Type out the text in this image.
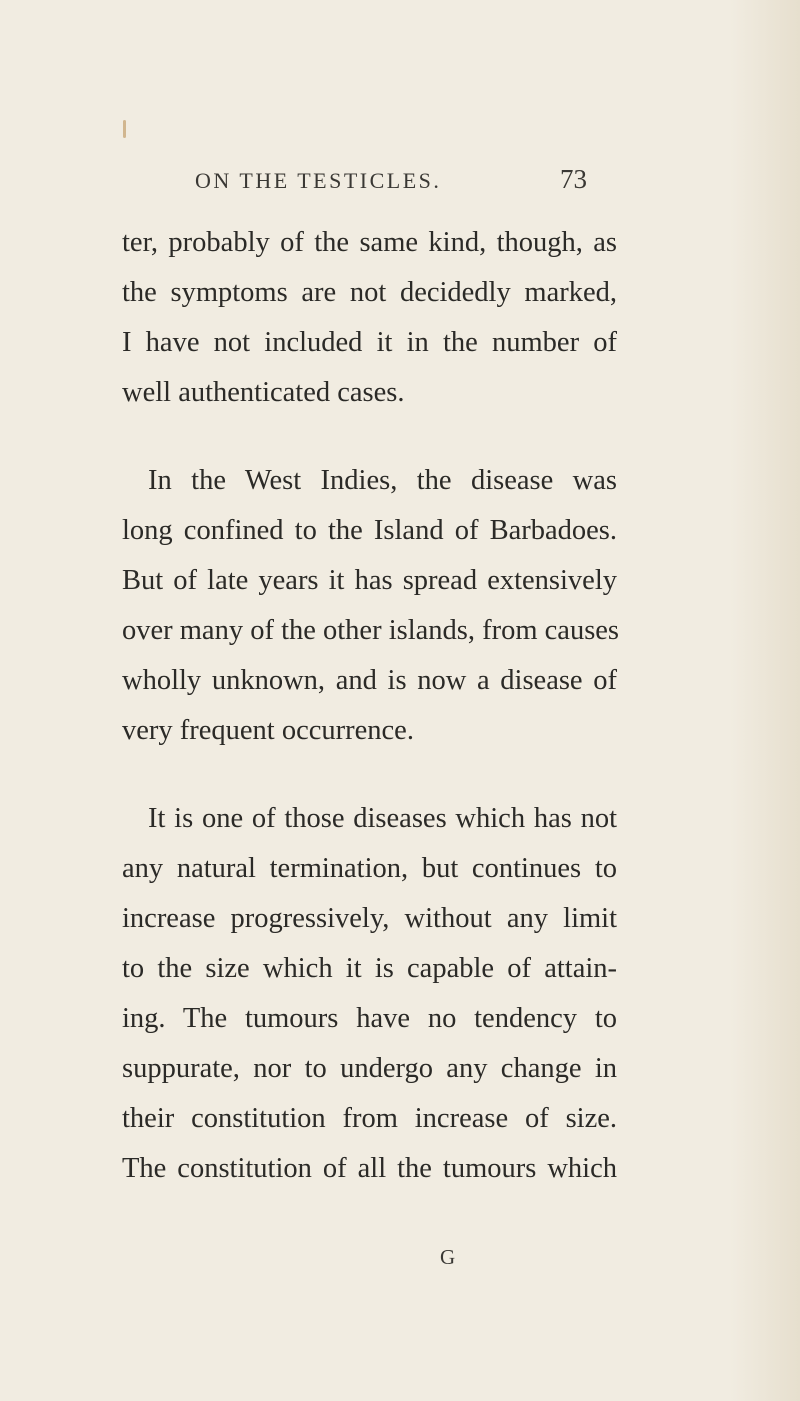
ON THE TESTICLES.	73
ter, probably of the same kind, though, as
the symptoms are not decidedly marked,
I have not included it in the number of
well authenticated cases.
In the West Indies, the disease was
long confined to the Island of Barbadoes.
But of late years it has spread extensively
over many of the other islands, from causes
wholly unknown, and is now a disease of
very frequent occurrence.
It is one of those diseases which has not
any natural termination, but continues to
increase progressively, without any limit
to the size which it is capable of attain-
ing. The tumours have no tendency to
suppurate, nor to undergo any change in
their constitution from increase of size.
The constitution of all the tumours which
G
